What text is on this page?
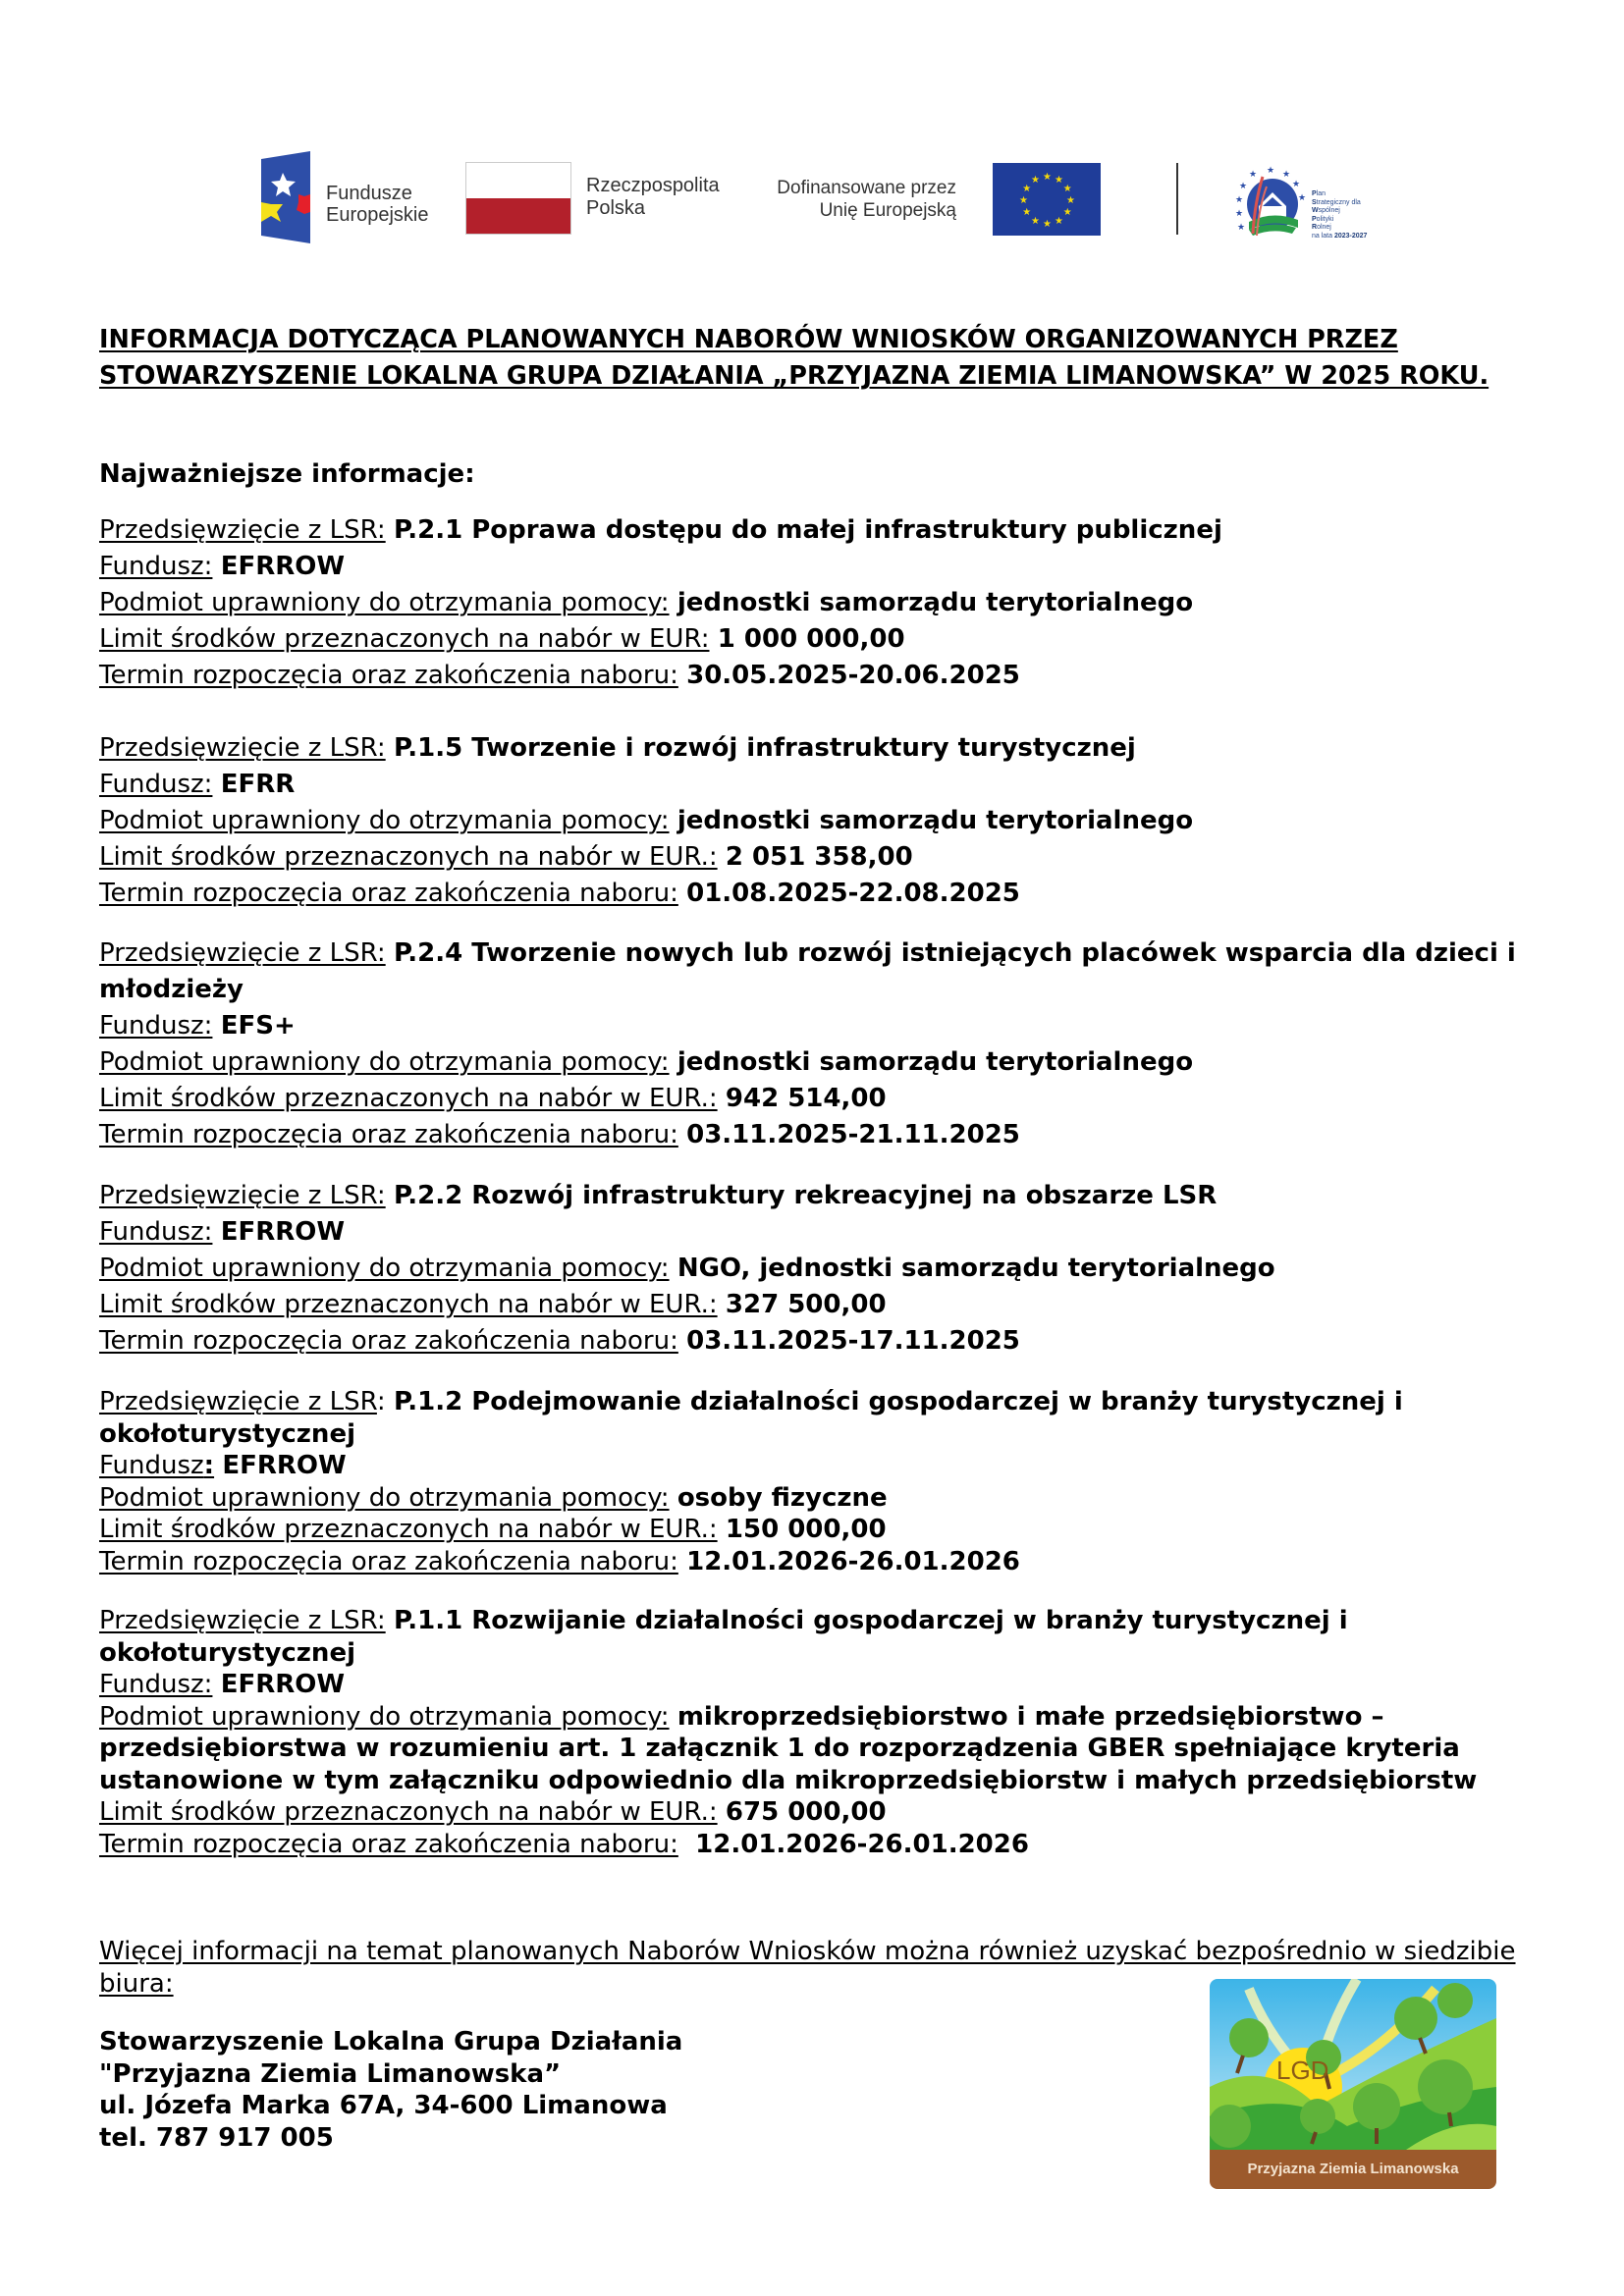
Fundusze
Europejskie
Rzeczpospolita
Polska
Dofinansowane przez
Unię Europejską
★ ★
★
★
★
★
★
★
★
★
★
★
★
★
★
★
★ ★
★
★
★
Plan
Strategiczny dla
Wspólnej
Polityki
Rolnej
na lata 2023-2027
INFORMACJA DOTYCZĄCA PLANOWANYCH NABORÓW WNIOSKÓW ORGANIZOWANYCH PRZEZ STOWARZYSZENIE LOKALNA GRUPA DZIAŁANIA „PRZYJAZNA ZIEMIA LIMANOWSKA” W 2025 ROKU.
Najważniejsze informacje:
Przedsięwzięcie z LSR: P.2.1 Poprawa dostępu do małej infrastruktury publicznej
Fundusz: EFRROW
Podmiot uprawniony do otrzymania pomocy: jednostki samorządu terytorialnego
Limit środków przeznaczonych na nabór w EUR: 1 000 000,00
Termin rozpoczęcia oraz zakończenia naboru: 30.05.2025-20.06.2025
Przedsięwzięcie z LSR: P.1.5 Tworzenie i rozwój infrastruktury turystycznej
Fundusz: EFRR
Podmiot uprawniony do otrzymania pomocy: jednostki samorządu terytorialnego
Limit środków przeznaczonych na nabór w EUR.: 2 051 358,00
Termin rozpoczęcia oraz zakończenia naboru: 01.08.2025-22.08.2025
Przedsięwzięcie z LSR: P.2.4 Tworzenie nowych lub rozwój istniejących placówek wsparcia dla dzieci i młodzieży
Fundusz: EFS+
Podmiot uprawniony do otrzymania pomocy: jednostki samorządu terytorialnego
Limit środków przeznaczonych na nabór w EUR.: 942 514,00
Termin rozpoczęcia oraz zakończenia naboru: 03.11.2025-21.11.2025
Przedsięwzięcie z LSR: P.2.2 Rozwój infrastruktury rekreacyjnej na obszarze LSR
Fundusz: EFRROW
Podmiot uprawniony do otrzymania pomocy: NGO, jednostki samorządu terytorialnego
Limit środków przeznaczonych na nabór w EUR.: 327 500,00
Termin rozpoczęcia oraz zakończenia naboru: 03.11.2025-17.11.2025
Przedsięwzięcie z LSR: P.1.2 Podejmowanie działalności gospodarczej w branży turystycznej i okołoturystycznej
Fundusz: EFRROW
Podmiot uprawniony do otrzymania pomocy: osoby fizyczne
Limit środków przeznaczonych na nabór w EUR.: 150 000,00
Termin rozpoczęcia oraz zakończenia naboru: 12.01.2026-26.01.2026
Przedsięwzięcie z LSR: P.1.1 Rozwijanie działalności gospodarczej w branży turystycznej i okołoturystycznej
Fundusz: EFRROW
Podmiot uprawniony do otrzymania pomocy: mikroprzedsiębiorstwo i małe przedsiębiorstwo – przedsiębiorstwa w rozumieniu art. 1 załącznik 1 do rozporządzenia GBER spełniające kryteria ustanowione w tym załączniku odpowiednio dla mikroprzedsiębiorstw i małych przedsiębiorstw
Limit środków przeznaczonych na nabór w EUR.: 675 000,00
Termin rozpoczęcia oraz zakończenia naboru:  12.01.2026-26.01.2026
Więcej informacji na temat planowanych Naborów Wniosków można również uzyskać bezpośrednio w siedzibie biura:
Stowarzyszenie Lokalna Grupa Działania
"Przyjazna Ziemia Limanowska”
ul. Józefa Marka 67A, 34-600 Limanowa
tel. 787 917 005
LGD
Przyjazna Ziemia Limanowska
